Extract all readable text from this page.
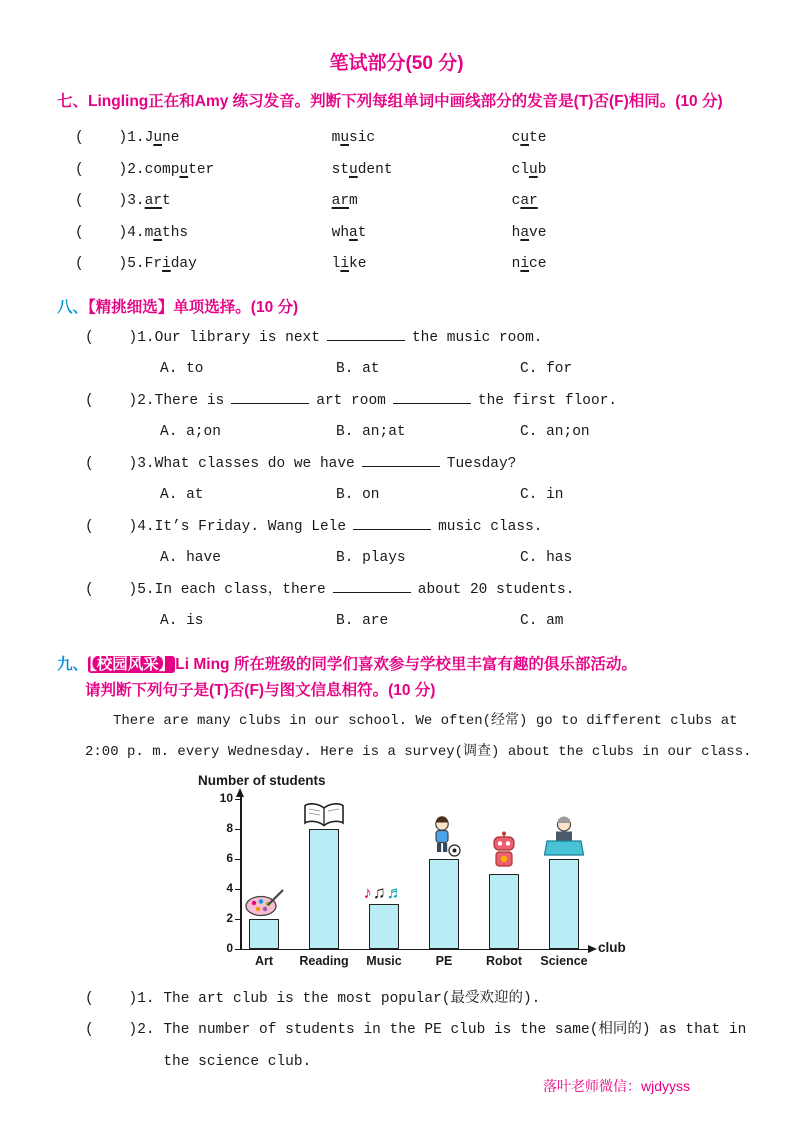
笔试部分(50 分)
七、Lingling正在和Amy 练习发音。判断下列每组单词中画线部分的发音是(T)否(F)相同。(10 分)
(    )1.June	music	cute
(    )2.computer	student	club
(    )3.art	arm	car
(    )4.maths	what	have
(    )5.Friday	like	nice
八、【精挑细选】单项选择。(10 分)
(    )1.Our library is next	the music room.
A. to	B. at	C. for
(    )2.There is	art room	the first floor.
A. a;on	B. an;at	C. an;on
(    )3.What classes do we have	Tuesday?
A. at	B. on	C. in
(    )4.It’s Friday. Wang Lele	music class.
A. have	B. plays	C. has
(    )5.In each class，there	about 20 students.
A. is	B. are	C. am
九、【校园风采】Li Ming 所在班级的同学们喜欢参与学校里丰富有趣的俱乐部活动。
请判断下列句子是(T)否(F)与图文信息相符。(10 分)
There are many clubs in our school. We often(经常) go to different clubs at
2:00 p. m. every Wednesday. Here is a survey(调查) about the clubs in our class.
Number of students
club
0
2
4
6
8
10
Art	Reading	Music
♪♫♬
PE	Robot	Science
(    )1. The art club is the most popular(最受欢迎的).
(    )2. The number of students in the PE club is the same(相同的) as that in
the science club.
落叶老师微信：wjdyyss
